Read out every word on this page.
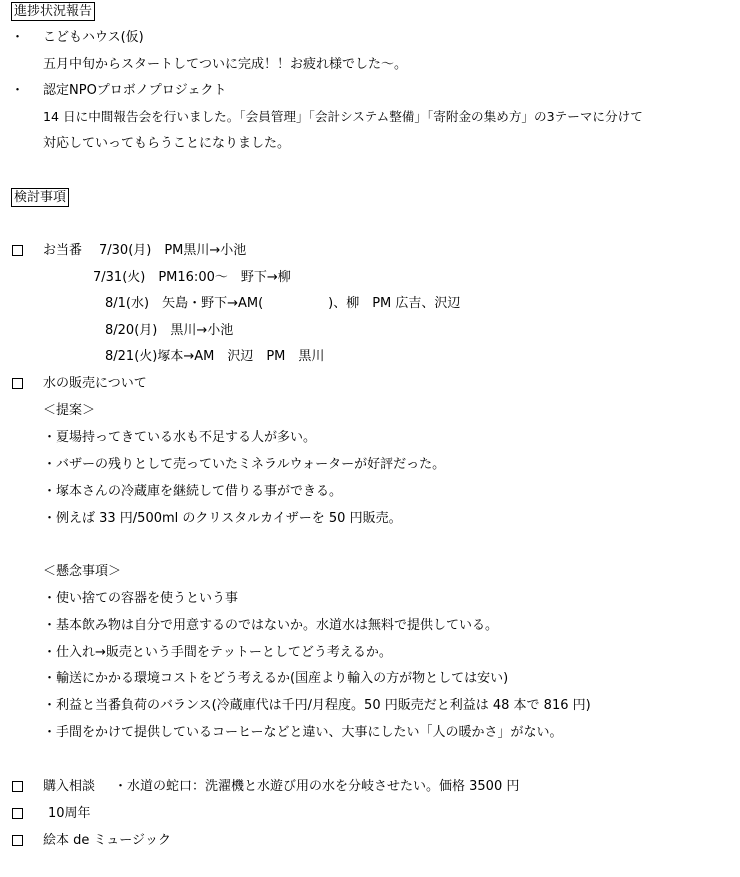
進捗状況報告
・ こどもハウス(仮)
五月中旬からスタートしてついに完成！！お疲れ様でした～。
・ 認定NPOプロボノプロジェクト
14 日に中間報告会を行いました。「会員管理」「会計システム整備」「寄附金の集め方」の3テーマに分けて
対応していってもらうことになりました。
検討事項
お当番 7/30(月)　PM黒川→小池
7/31(火)　PM16:00～　野下→柳
8/1(水)　矢島・野下→AM(　　　　　)、柳　PM 広吉、沢辺
8/20(月)　黒川→小池
8/21(火)塚本→AM　沢辺　PM　黒川
水の販売について
＜提案＞
・夏場持ってきている水も不足する人が多い。
・バザーの残りとして売っていたミネラルウォーターが好評だった。
・塚本さんの冷蔵庫を継続して借りる事ができる。
・例えば 33 円/500ml のクリスタルカイザーを 50 円販売。
＜懸念事項＞
・使い捨ての容器を使うという事
・基本飲み物は自分で用意するのではないか。水道水は無料で提供している。
・仕入れ→販売という手間をテットーとしてどう考えるか。
・輸送にかかる環境コストをどう考えるか(国産より輸入の方が物としては安い)
・利益と当番負荷のバランス(冷蔵庫代は千円/月程度。50 円販売だと利益は 48 本で 816 円)
・手間をかけて提供しているコーヒーなどと違い、大事にしたい「人の暖かさ」がない。
購入相談 ・水道の蛇口：洗濯機と水遊び用の水を分岐させたい。価格 3500 円
10周年
絵本 de ミュージック
